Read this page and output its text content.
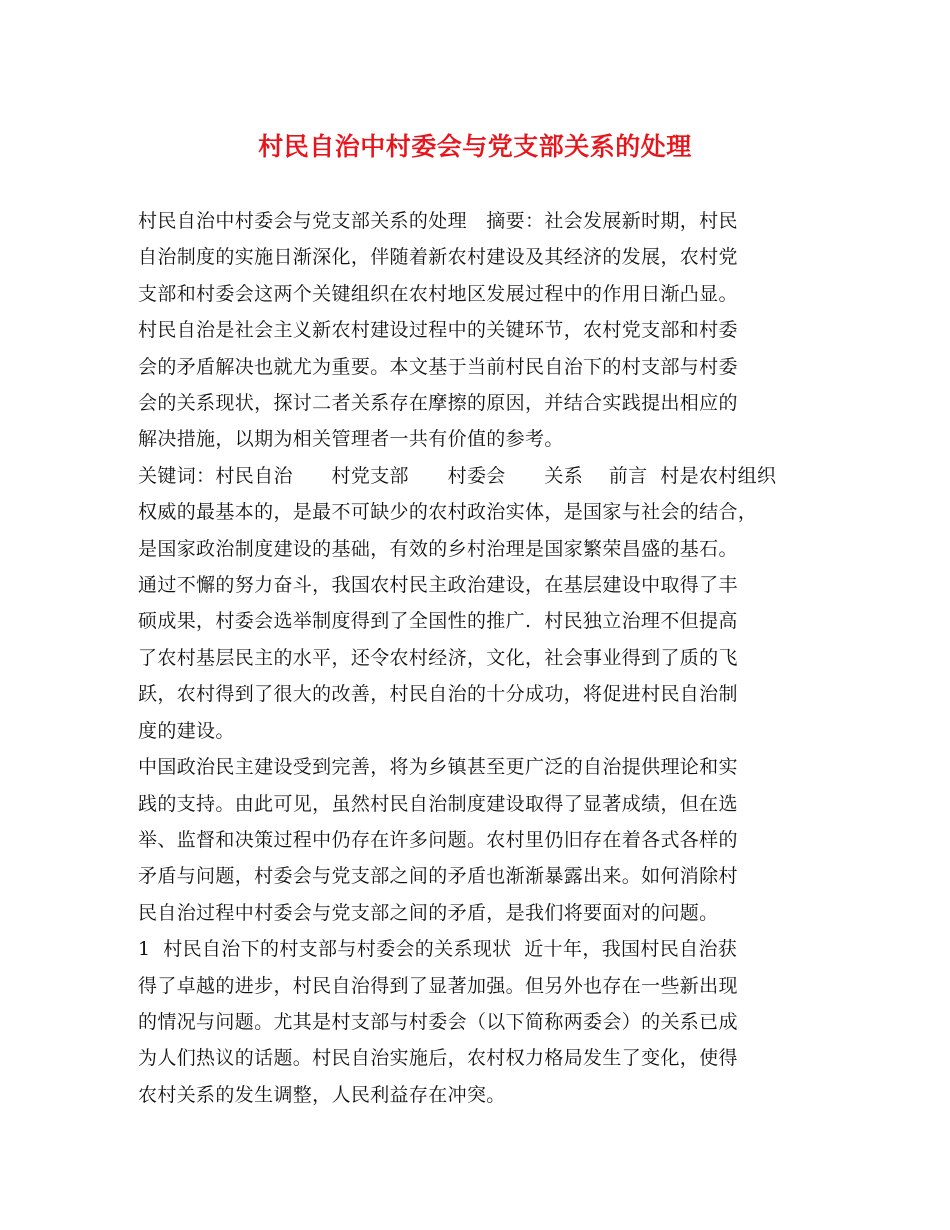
村民自治中村委会与党支部关系的处理
村民自治中村委会与党支部关系的处理　摘要：社会发展新时期，村民
自治制度的实施日渐深化，伴随着新农村建设及其经济的发展，农村党
支部和村委会这两个关键组织在农村地区发展过程中的作用日渐凸显。
村民自治是社会主义新农村建设过程中的关键环节，农村党支部和村委
会的矛盾解决也就尤为重要。本文基于当前村民自治下的村支部与村委
会的关系现状，探讨二者关系存在摩擦的原因，并结合实践提出相应的
解决措施，以期为相关管理者一共有价值的参考。
关键词：村民自治　　村党支部　　村委会　　关系　 前言  村是农村组织
权威的最基本的，是最不可缺少的农村政治实体，是国家与社会的结合，
是国家政治制度建设的基础，有效的乡村治理是国家繁荣昌盛的基石。
通过不懈的努力奋斗，我国农村民主政治建设，在基层建设中取得了丰
硕成果，村委会选举制度得到了全国性的推广.  村民独立治理不但提高
了农村基层民主的水平，还令农村经济，文化，社会事业得到了质的飞
跃，农村得到了很大的改善，村民自治的十分成功，将促进村民自治制
度的建设。
中国政治民主建设受到完善，将为乡镇甚至更广泛的自治提供理论和实
践的支持。由此可见，虽然村民自治制度建设取得了显著成绩，但在选
举、监督和决策过程中仍存在许多问题。农村里仍旧存在着各式各样的
矛盾与问题，村委会与党支部之间的矛盾也渐渐暴露出来。如何消除村
民自治过程中村委会与党支部之间的矛盾，是我们将要面对的问题。
1  村民自治下的村支部与村委会的关系现状  近十年，我国村民自治获
得了卓越的进步，村民自治得到了显著加强。但另外也存在一些新出现
的情况与问题。尤其是村支部与村委会（以下简称两委会）的关系已成
为人们热议的话题。村民自治实施后，农村权力格局发生了变化，使得
农村关系的发生调整，人民利益存在冲突。
